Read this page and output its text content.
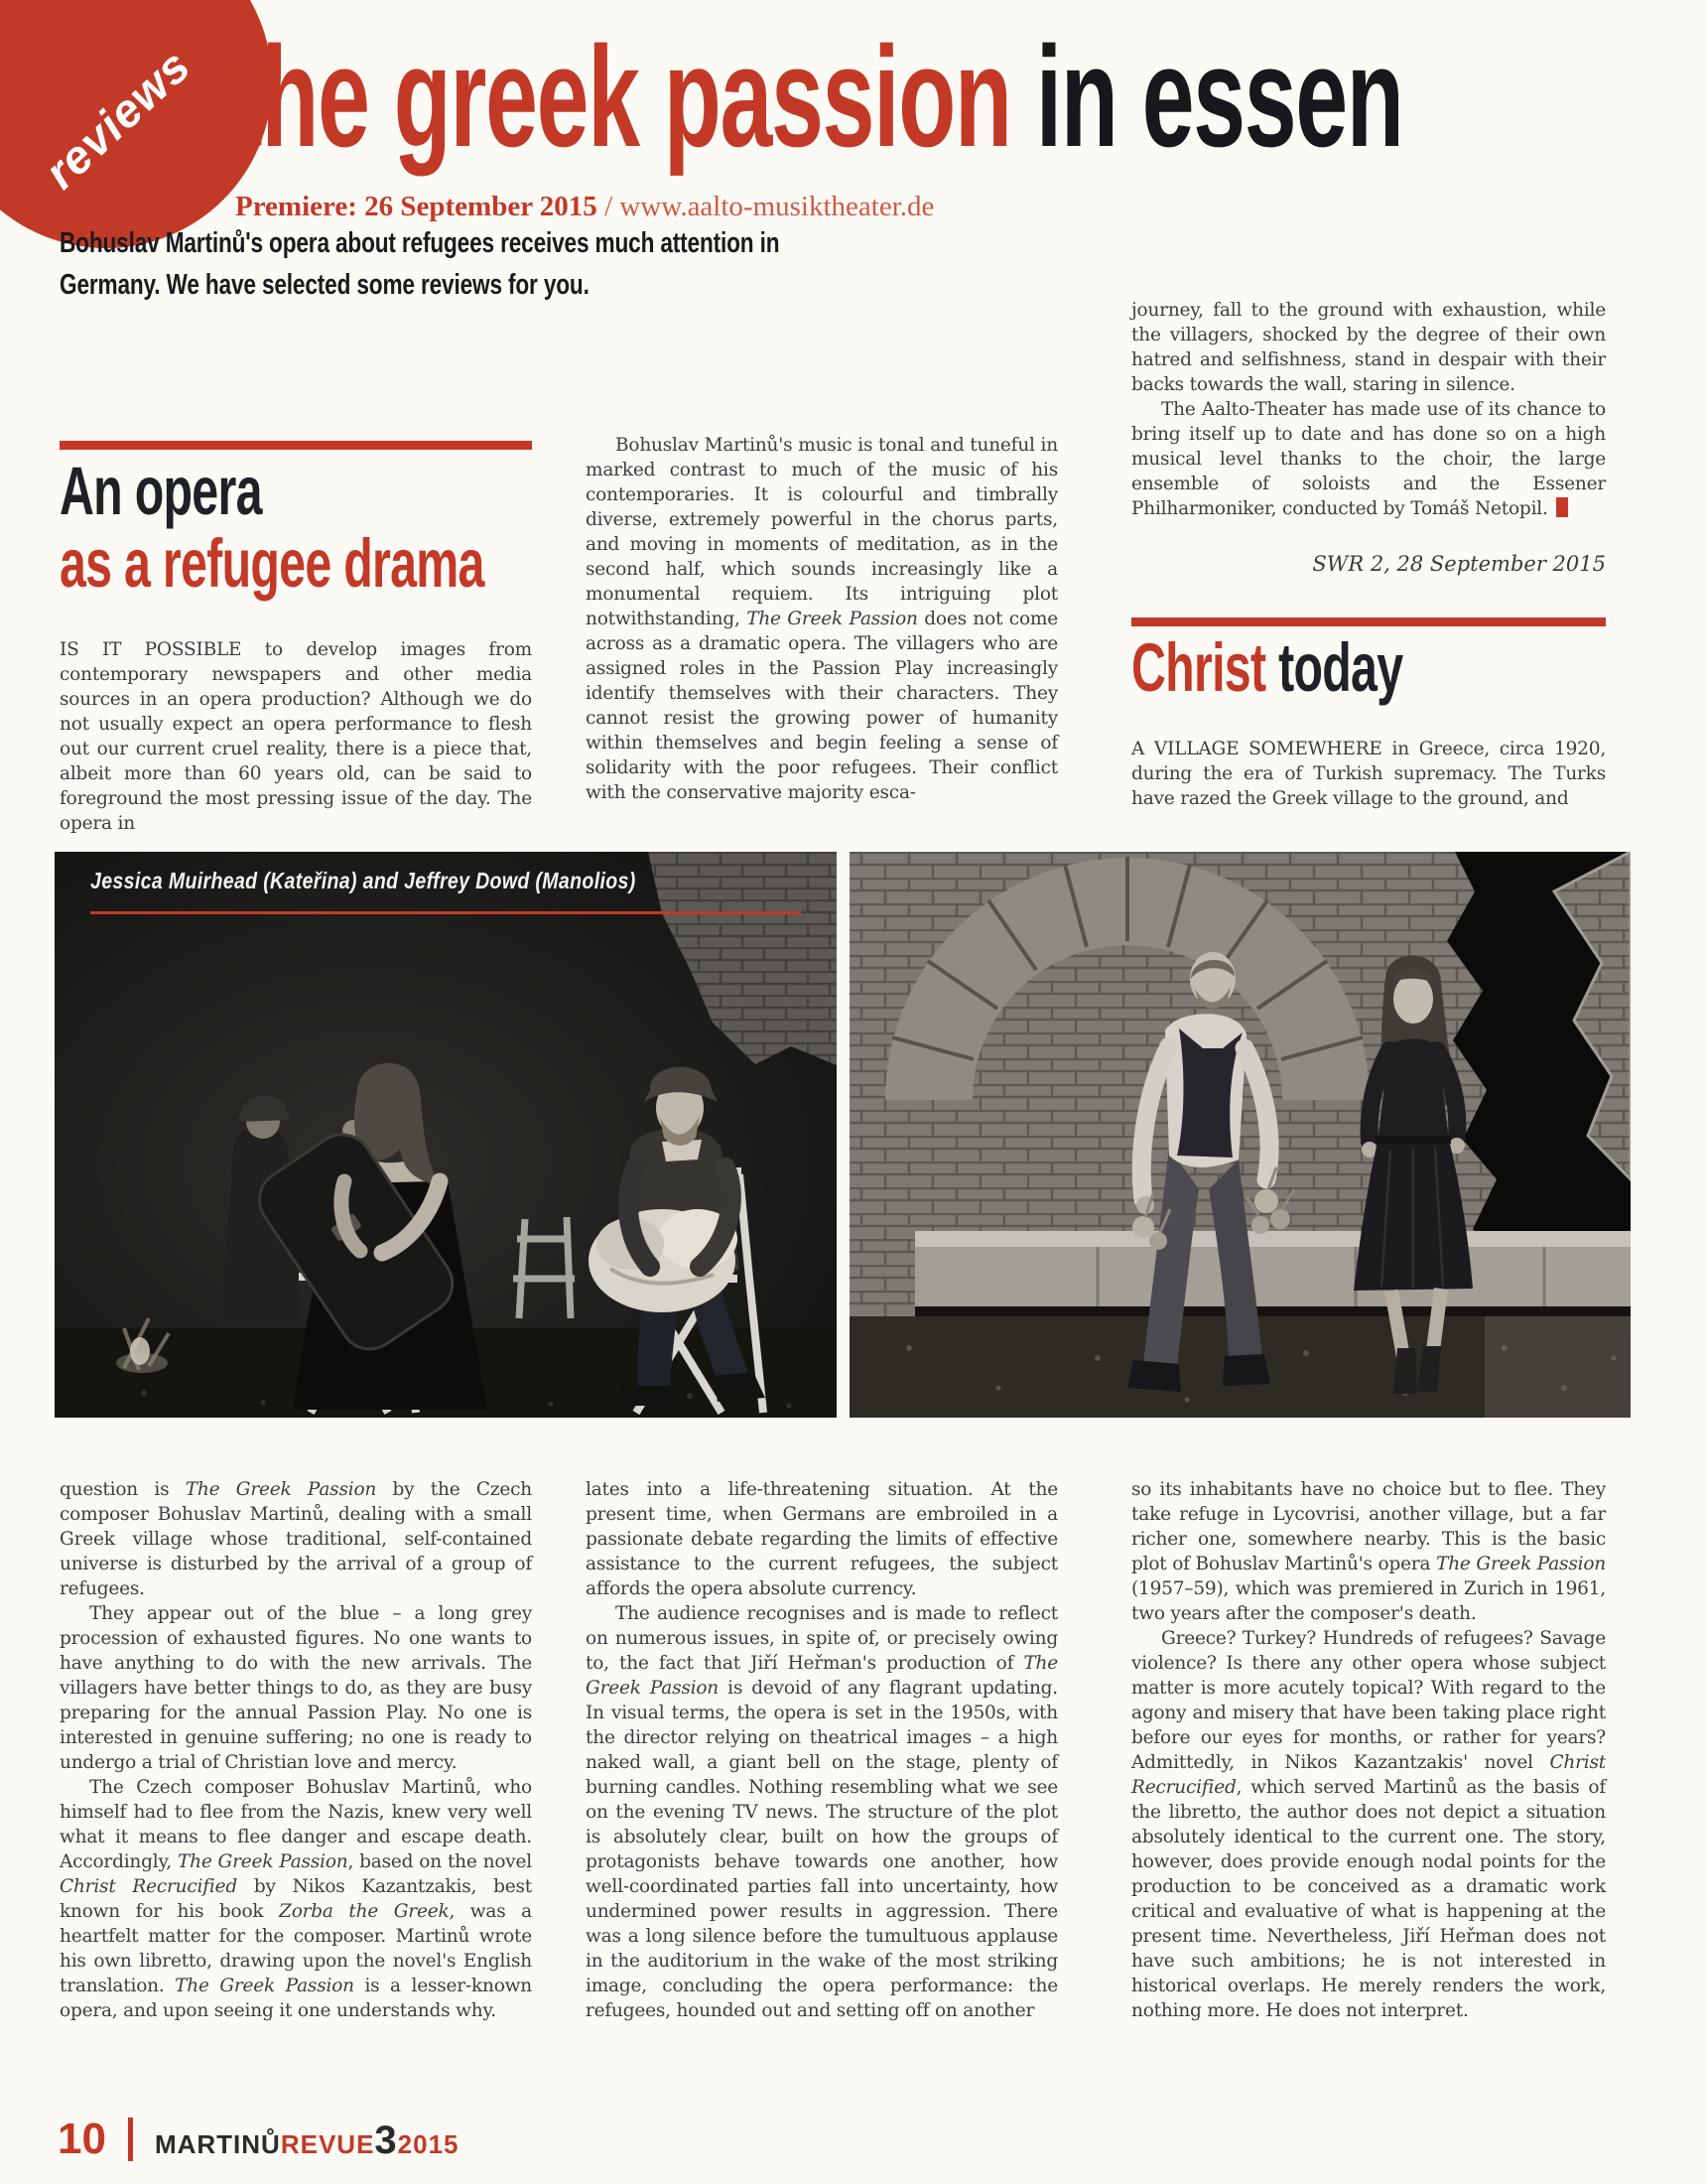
reviews the greek passion in essen
Premiere: 26 September 2015 / www.aalto-musiktheater.de
Bohuslav Martinů's opera about refugees receives much attention in Germany. We have selected some reviews for you.
An opera
as a refugee drama

IS IT POSSIBLE to develop images from contemporary newspapers and other media sources in an opera production? Although we do not usually expect an opera performance to flesh out our current cruel reality, there is a piece that, albeit more than 60 years old, can be said to foreground the most pressing issue of the day. The opera in

Bohuslav Martinů's music is tonal and tuneful in marked contrast to much of the music of his contemporaries. It is colourful and timbrally diverse, extremely powerful in the chorus parts, and moving in moments of meditation, as in the second half, which sounds increasingly like a monumental requiem. Its intriguing plot notwithstanding, The Greek Passion does not come across as a dramatic opera. The villagers who are assigned roles in the Passion Play increasingly identify themselves with their characters. They cannot resist the growing power of humanity within themselves and begin feeling a sense of solidarity with the poor refugees. Their conflict with the conservative majority esca-

journey, fall to the ground with exhaustion, while the villagers, shocked by the degree of their own hatred and selfishness, stand in despair with their backs towards the wall, staring in silence.

The Aalto-Theater has made use of its chance to bring itself up to date and has done so on a high musical level thanks to the choir, the large ensemble of soloists and the Essener Philharmoniker, conducted by Tomáš Netopil.

SWR 2, 28 September 2015
Christ today

A VILLAGE SOMEWHERE in Greece, circa 1920, during the era of Turkish supremacy. The Turks have razed the Greek village to the ground, and

Jessica Muirhead (Kateřina) and Jeffrey Dowd (Manolios)

question is The Greek Passion by the Czech composer Bohuslav Martinů, dealing with a small Greek village whose traditional, self-contained universe is disturbed by the arrival of a group of refugees.

They appear out of the blue – a long grey procession of exhausted figures. No one wants to have anything to do with the new arrivals. The villagers have better things to do, as they are busy preparing for the annual Passion Play. No one is interested in genuine suffering; no one is ready to undergo a trial of Christian love and mercy.

The Czech composer Bohuslav Martinů, who himself had to flee from the Nazis, knew very well what it means to flee danger and escape death. Accordingly, The Greek Passion, based on the novel Christ Recrucified by Nikos Kazantzakis, best known for his book Zorba the Greek, was a heartfelt matter for the composer. Martinů wrote his own libretto, drawing upon the novel's English translation. The Greek Passion is a lesser-known opera, and upon seeing it one understands why.

lates into a life-threatening situation. At the present time, when Germans are embroiled in a passionate debate regarding the limits of effective assistance to the current refugees, the subject affords the opera absolute currency.

The audience recognises and is made to reflect on numerous issues, in spite of, or precisely owing to, the fact that Jiří Heřman's production of The Greek Passion is devoid of any flagrant updating. In visual terms, the opera is set in the 1950s, with the director relying on theatrical images – a high naked wall, a giant bell on the stage, plenty of burning candles. Nothing resembling what we see on the evening TV news. The structure of the plot is absolutely clear, built on how the groups of protagonists behave towards one another, how well-coordinated parties fall into uncertainty, how undermined power results in aggression. There was a long silence before the tumultuous applause in the auditorium in the wake of the most striking image, concluding the opera performance: the refugees, hounded out and setting off on another

so its inhabitants have no choice but to flee. They take refuge in Lycovrisi, another village, but a far richer one, somewhere nearby. This is the basic plot of Bohuslav Martinů's opera The Greek Passion (1957–59), which was premiered in Zurich in 1961, two years after the composer's death.

Greece? Turkey? Hundreds of refugees? Savage violence? Is there any other opera whose subject matter is more acutely topical? With regard to the agony and misery that have been taking place right before our eyes for months, or rather for years? Admittedly, in Nikos Kazantzakis' novel Christ Recrucified, which served Martinů as the basis of the libretto, the author does not depict a situation absolutely identical to the current one. The story, however, does provide enough nodal points for the production to be conceived as a dramatic work critical and evaluative of what is happening at the present time. Nevertheless, Jiří Heřman does not have such ambitions; he is not interested in historical overlaps. He merely renders the work, nothing more. He does not interpret.

10 MARTINŮREVUE32015
